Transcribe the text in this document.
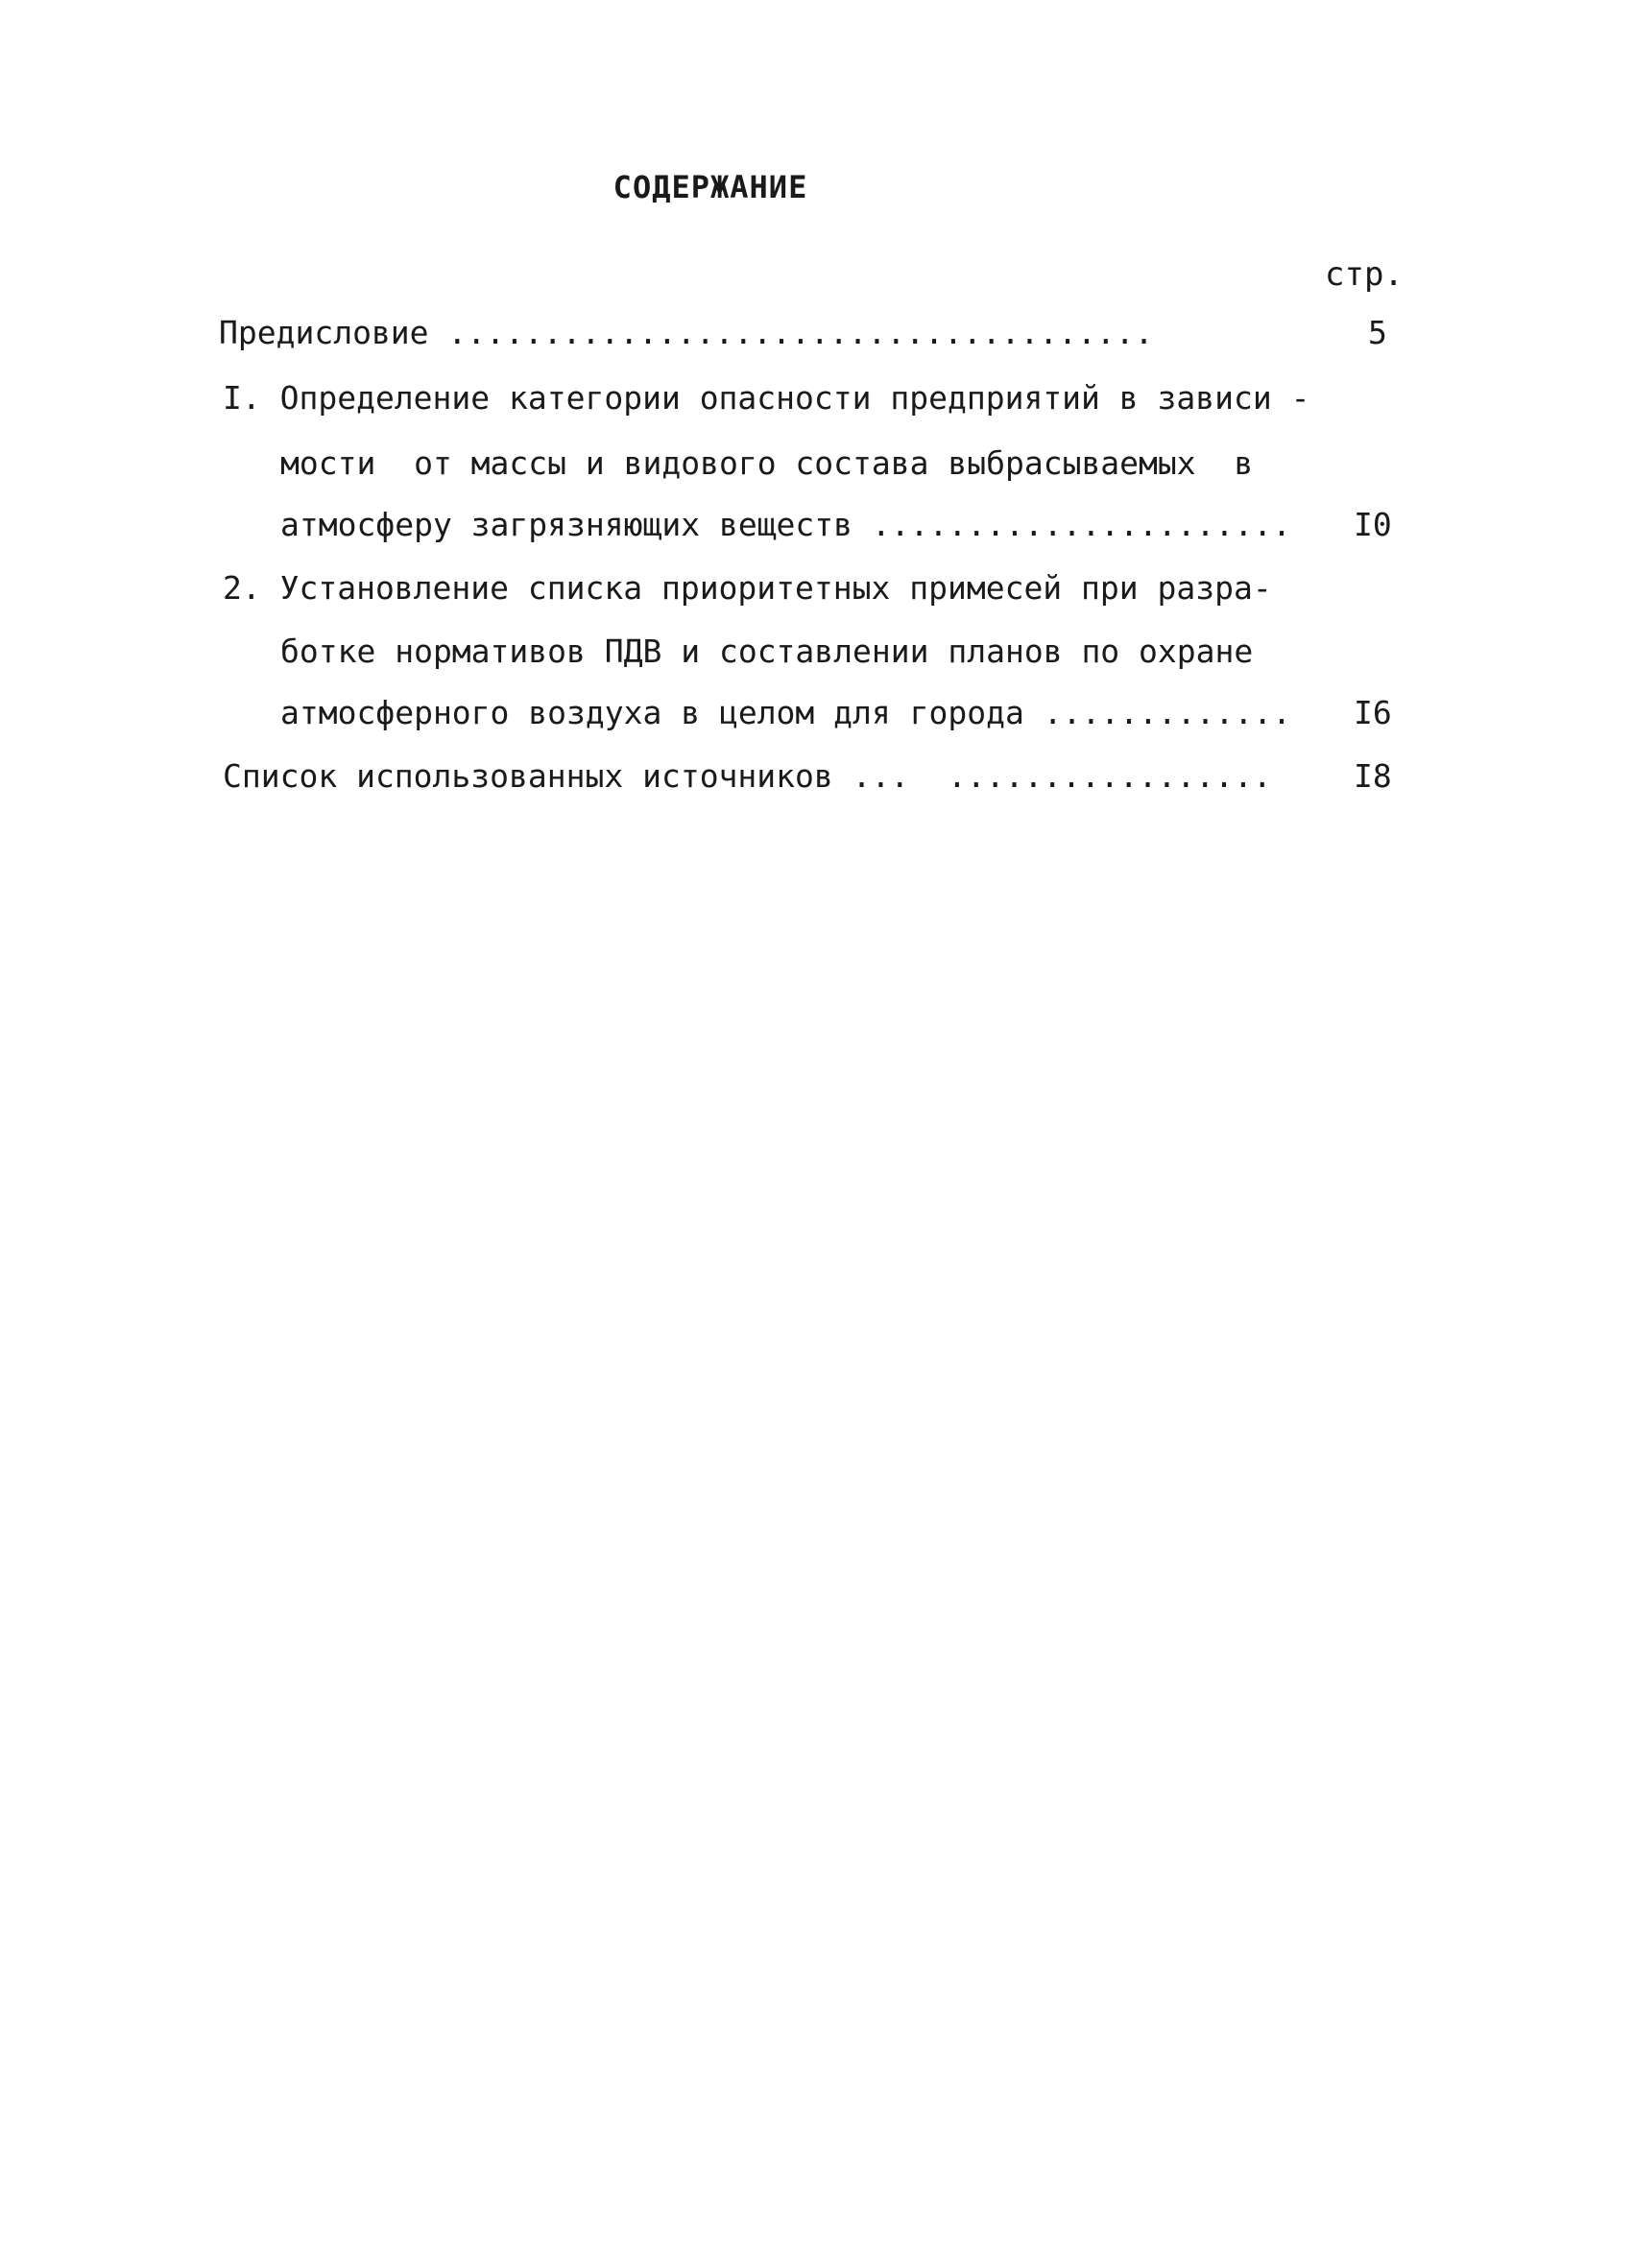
СОДЕРЖАНИЕ
стр.
Предисловие .....................................	5
I. Определение категории опасности предприятий в зависи -
мости  от массы и видового состава выбрасываемых  в
атмосферу загрязняющих веществ ...................... I0
2. Установление списка приоритетных примесей при разра-
ботке нормативов ПДВ и составлении планов по охране
атмосферного воздуха в целом для города ............. I6
Список использованных источников ...  .................	I8
